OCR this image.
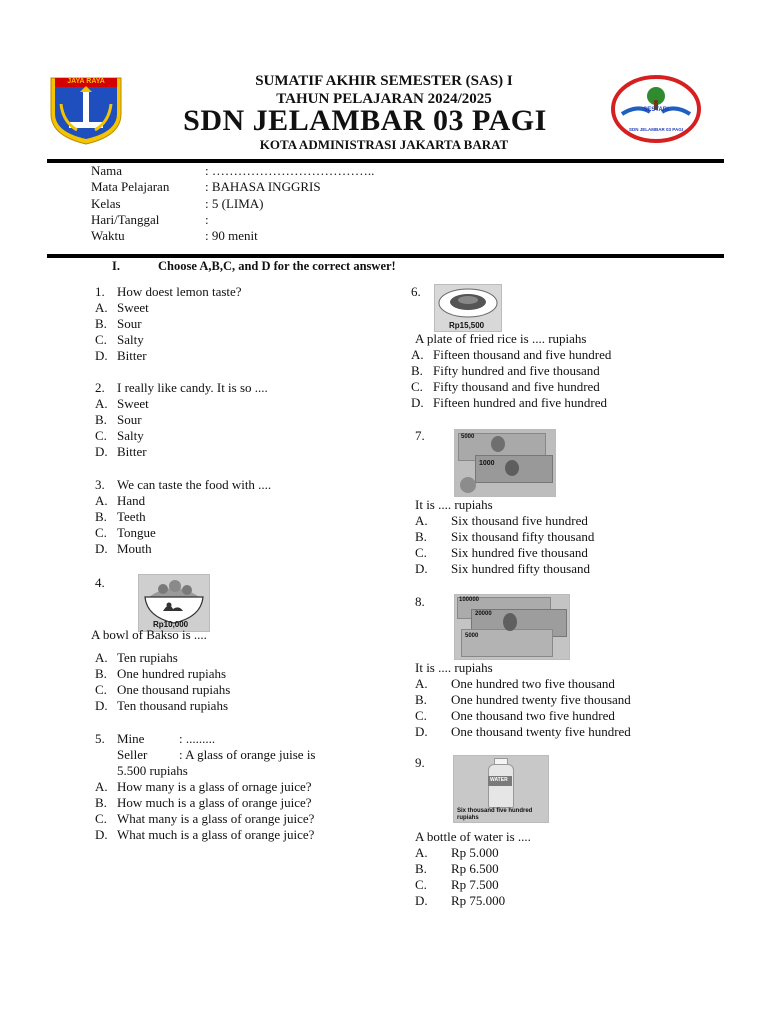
JAYA RAYA	SUMATIF AKHIR SEMESTER (SAS) I
TAHUN PELAJARAN 2024/2025
SDN JELAMBAR 03 PAGI
KOTA ADMINISTRASI JAKARTA BARAT
SESTARI
SDN JELAMBAR 03 PAGI
Nama	: ………………………………..
Mata Pelajaran	: BAHASA INGGRIS
Kelas	: 5 (LIMA)
Hari/Tanggal	:
Waktu	: 90 menit
I.	Choose A,B,C, and D for the correct answer!
1. How doest lemon taste?
A. Sweet
B. Sour
C. Salty
D. Bitter
2. I really like candy. It is so ....
A. Sweet
B. Sour
C. Salty
D. Bitter
3. We can taste the food with ....
A. Hand
B. Teeth
C. Tongue
D. Mouth
4.
Rp10,000
A bowl of Bakso is ....
A. Ten rupiahs
B. One hundred rupiahs
C. One thousand rupiahs
D. Ten thousand rupiahs
5. Mine	: .........
Seller : A glass of orange juise is
5.500 rupiahs
A. How many is a glass of ornage juice?
B. How much is a glass of orange juice?
C. What many is a glass of orange juice?
D. What much is a glass of orange juice?
6.
Rp15,500
A plate of fried rice is .... rupiahs
A. Fifteen thousand and five hundred
B. Fifty hundred and five thousand
C. Fifty thousand and five hundred
D. Fifteen hundred and five hundred
7.	5000
1000
It is .... rupiahs
A. Six thousand five hundred
B. Six thousand fifty thousand
C. Six hundred five thousand
D. Six hundred fifty thousand
8.	100000
20000
5000
It is .... rupiahs
A. One hundred two five thousand
B. One hundred twenty five thousand
C. One thousand two five hundred
D. One thousand twenty five hundred
9.
WATER
Six thousand five hundred rupiahs
A bottle of water is ....
A. Rp 5.000
B. Rp 6.500
C. Rp 7.500
D. Rp 75.000
